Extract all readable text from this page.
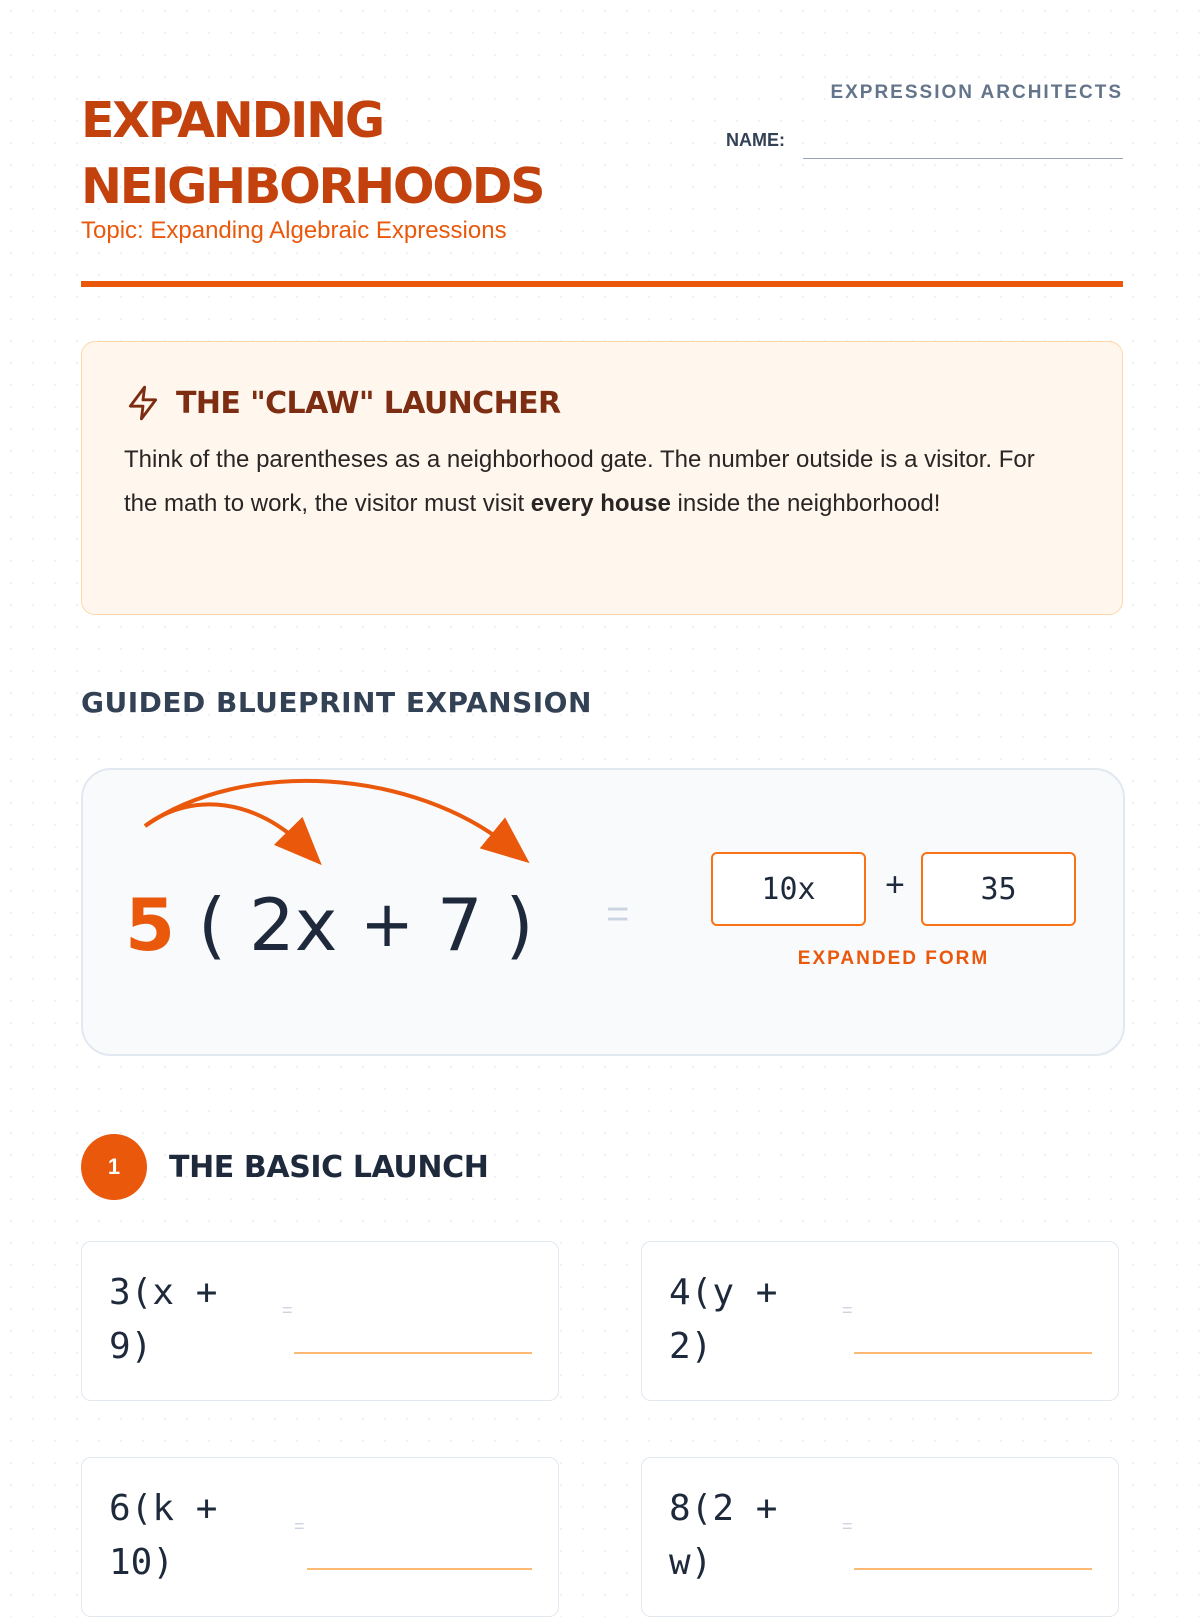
EXPANDING
NEIGHBORHOODS
Topic: Expanding Algebraic Expressions
EXPRESSION ARCHITECTS
NAME:
THE "CLAW" LAUNCHER

Think of the parentheses as a neighborhood gate. The number outside is a visitor. For the math to work, the visitor must visit every house inside the neighborhood!

GUIDED BLUEPRINT EXPANSION
5
(
2x
+
7
) =
10x	+	35
EXPANDED FORM
1	THE BASIC LAUNCH

3(x +
9)

=	4(y +
2)

=

6(k +
10)

=	8(2 +
w)

=
